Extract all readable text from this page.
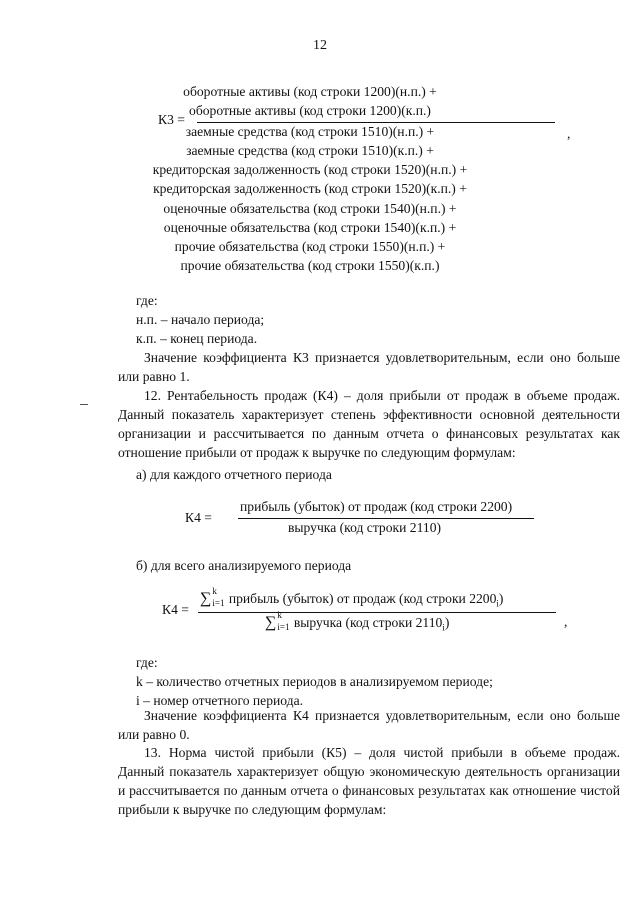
12
К3 =
оборотные активы (код строки 1200)(н.п.) +
оборотные активы (код строки 1200)(к.п.)
,
заемные средства (код строки 1510)(н.п.) +
заемные средства (код строки 1510)(к.п.) +
кредиторская задолженность (код строки 1520)(н.п.) +
кредиторская задолженность (код строки 1520)(к.п.) +
оценочные обязательства (код строки 1540)(н.п.) +
оценочные обязательства (код строки 1540)(к.п.) +
прочие обязательства (код строки 1550)(н.п.) +
прочие обязательства (код строки 1550)(к.п.)

где:

н.п. – начало периода;

к.п. – конец периода.

Значение коэффициента К3 признается удовлетворительным, если оно больше или равно 1.

12. Рентабельность продаж (К4) – доля прибыли от продаж в объеме продаж. Данный показатель характеризует степень эффективности основной деятельности организации и рассчитывается по данным отчета о финансовых результатах как отношение прибыли от продаж к выручке по следующим формулам:

а) для каждого отчетного периода

К4 =
прибыль (убыток) от продаж (код строки 2200)
выручка (код строки 2110)

б) для всего анализируемого периода

К4 =
∑ k
i=1 прибыль (убыток) от продаж (код строки $2200_i$)
,
∑ k
i=1 выручка (код строки $2110_i$)

где:

k – количество отчетных периодов в анализируемом периоде;

i – номер отчетного периода.

Значение коэффициента К4 признается удовлетворительным, если оно больше или равно 0.

13. Норма чистой прибыли (К5) – доля чистой прибыли в объеме продаж. Данный показатель характеризует общую экономическую деятельность организации и рассчитывается по данным отчета о финансовых результатах как отношение чистой прибыли к выручке по следующим формулам:
